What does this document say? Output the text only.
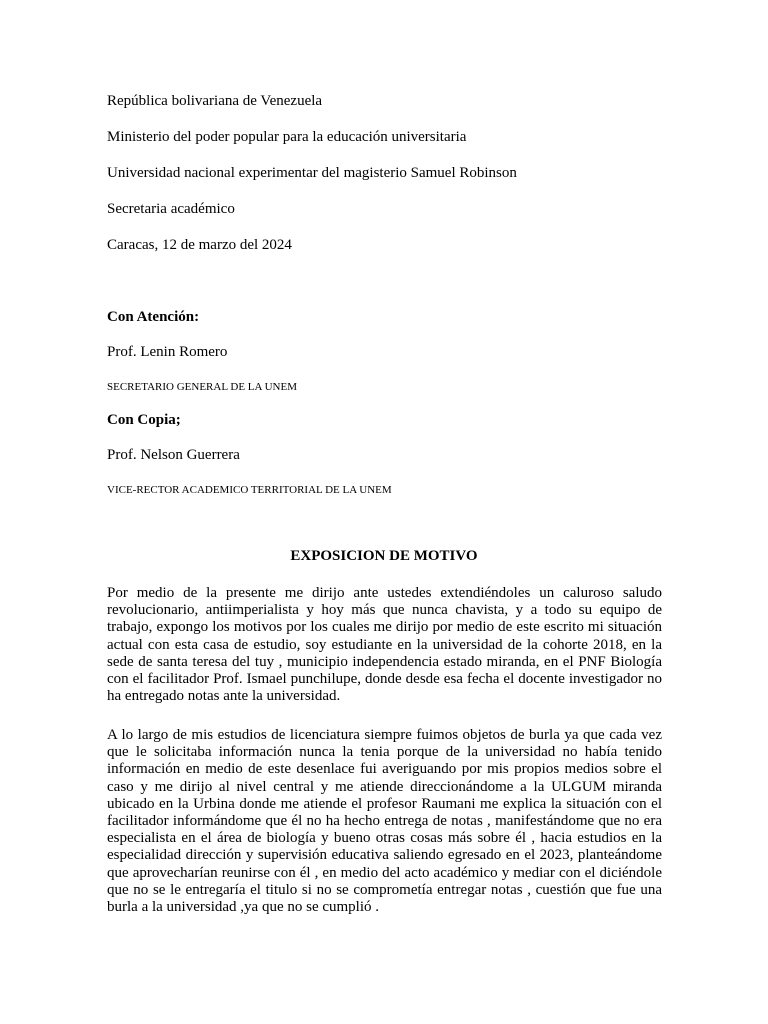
República bolivariana de Venezuela

Ministerio del poder popular para la educación universitaria

Universidad nacional experimentar del magisterio Samuel Robinson

Secretaria académico

Caracas, 12 de marzo del 2024

Con Atención:

Prof. Lenin Romero

SECRETARIO GENERAL DE LA UNEM

Con Copia;

Prof. Nelson Guerrera

VICE-RECTOR ACADEMICO TERRITORIAL DE LA UNEM

EXPOSICION DE MOTIVO

Por medio de la presente me dirijo ante ustedes extendiéndoles un caluroso saludo revolucionario, antiimperialista y hoy más que nunca chavista, y a todo su equipo de trabajo, expongo los motivos por los cuales me dirijo por medio de este escrito mi situación actual con esta casa de estudio, soy estudiante en la universidad de la cohorte 2018, en la sede de santa teresa del tuy , municipio independencia estado miranda, en el PNF Biología con el facilitador Prof. Ismael punchilupe, donde desde esa fecha el docente investigador no ha entregado notas ante la universidad.

A lo largo de mis estudios de licenciatura siempre fuimos objetos de burla ya que cada vez que le solicitaba información nunca la tenia porque de la universidad no había tenido información en medio de este desenlace fui averiguando por mis propios medios sobre el caso y me dirijo al nivel central y me atiende direccionándome a la ULGUM miranda ubicado en la Urbina donde me atiende el profesor Raumani me explica la situación con el facilitador informándome que él no ha hecho entrega de notas , manifestándome que no era especialista en el área de biología y bueno otras cosas más sobre él , hacia estudios en la especialidad dirección y supervisión educativa saliendo egresado en el 2023, planteándome que aprovecharían reunirse con él , en medio del acto académico y mediar con el diciéndole que no se le entregaría el titulo si no se comprometía entregar notas , cuestión que fue una burla a la universidad ,ya que no se cumplió .
